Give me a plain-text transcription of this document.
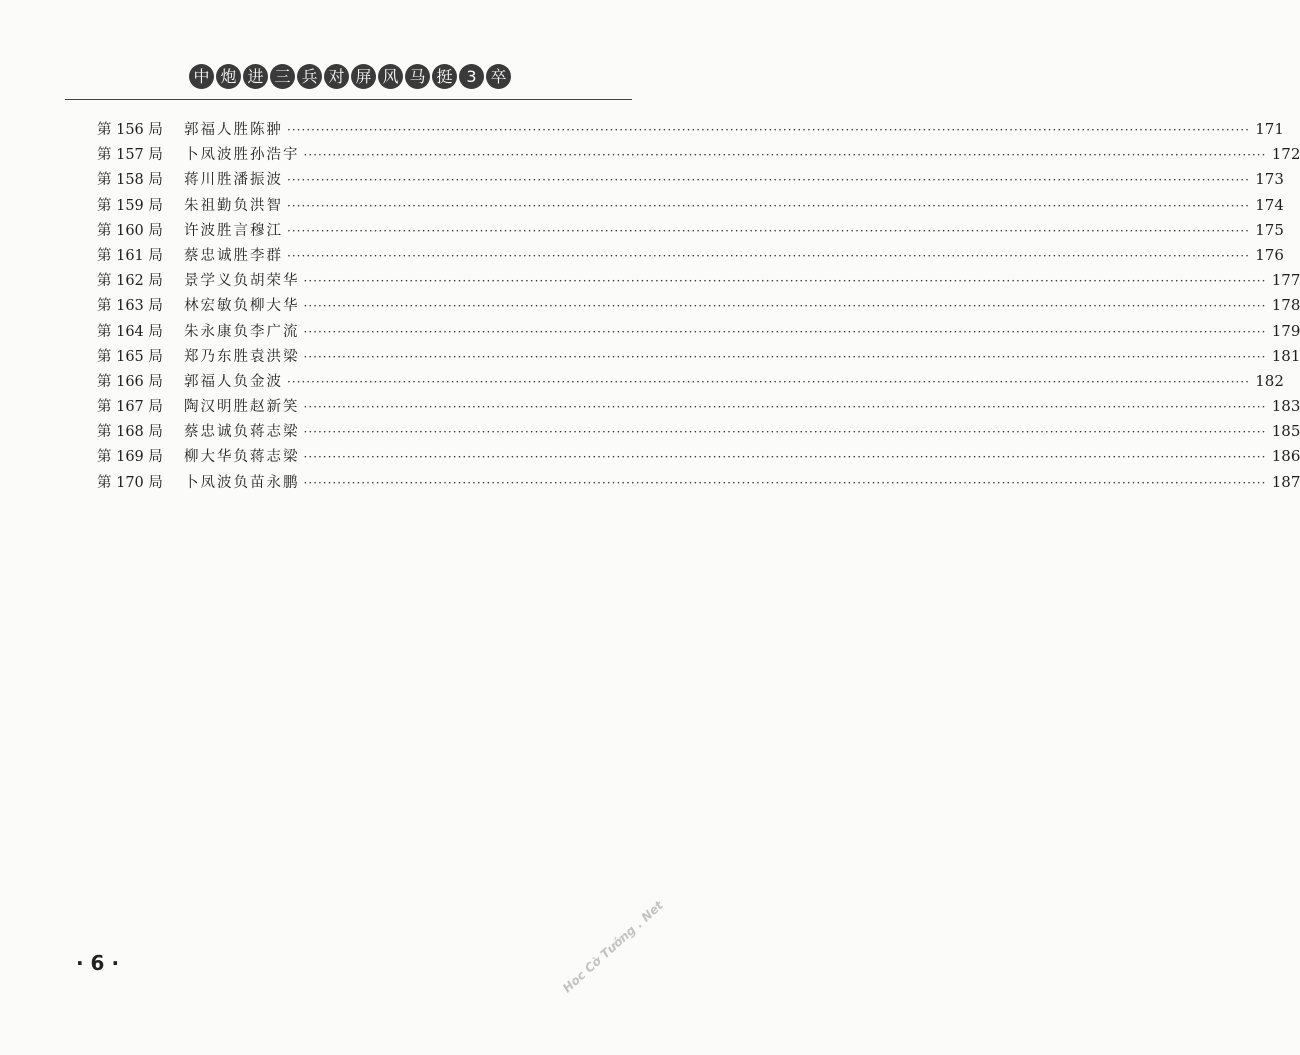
中 炮 进 三 兵 对 屏 风 马 挺 3 卒
第 156 局	郭福人胜陈翀 ········································································································································································································ 171
第 157 局	卜凤波胜孙浩宇 ········································································································································································································ 172
第 158 局	蒋川胜潘振波 ········································································································································································································ 173
第 159 局	朱祖勤负洪智 ········································································································································································································ 174
第 160 局	许波胜言穆江 ········································································································································································································ 175
第 161 局	蔡忠诚胜李群 ········································································································································································································ 176
第 162 局	景学义负胡荣华 ········································································································································································································ 177
第 163 局	林宏敏负柳大华 ········································································································································································································ 178
第 164 局	朱永康负李广流 ········································································································································································································ 179
第 165 局	郑乃东胜袁洪梁 ········································································································································································································ 181
第 166 局	郭福人负金波 ········································································································································································································ 182
第 167 局	陶汉明胜赵新笑 ········································································································································································································ 183
第 168 局	蔡忠诚负蒋志梁 ········································································································································································································ 185
第 169 局	柳大华负蒋志梁 ········································································································································································································ 186
第 170 局	卜凤波负苗永鹏 ········································································································································································································ 187
· 6 ·	Hoc Cờ Tướng . Net
